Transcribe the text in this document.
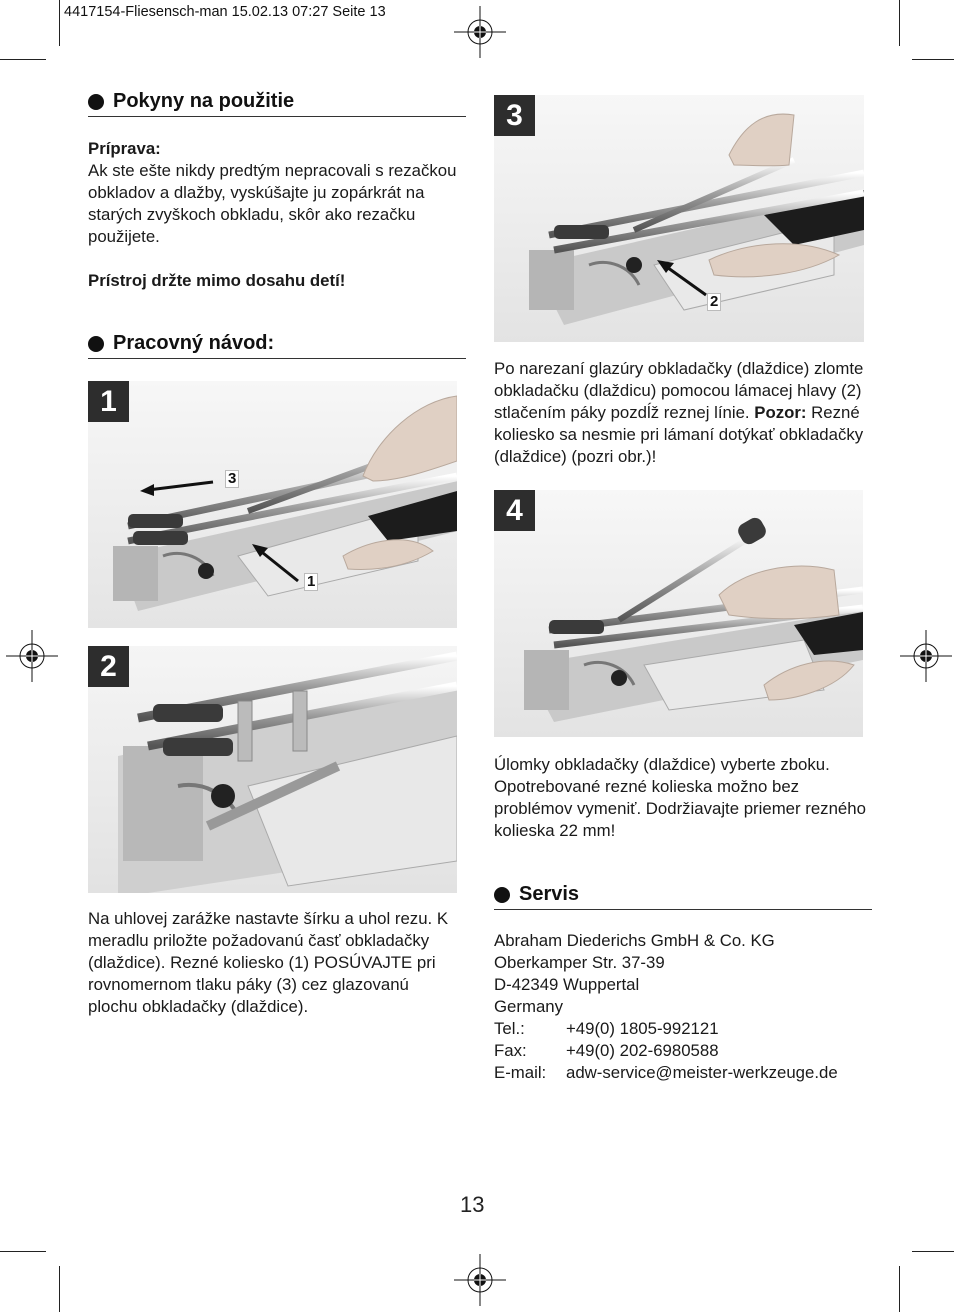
4417154-Fliesensch-man 15.02.13 07:27 Seite 13
Pokyny na použitie

Príprava:

Ak ste ešte nikdy predtým nepracovali s rezačkou obkladov a dlažby, vyskúšajte ju zopárkrát na starých zvyškoch obkladu, skôr ako rezačku použijete.

Prístroj držte mimo dosahu detí!

Pracovný návod:
1
3
1
2
Na uhlovej zarážke nastavte šírku a uhol rezu. K meradlu priložte požadovanú časť obkladačky (dlaždice). Rezné koliesko (1) POSÚVAJTE pri rovnomernom tlaku páky (3) cez glazovanú plochu obkladačky (dlaždice).
3
2

Po narezaní glazúry obkladačky (dlaždice) zlomte obkladačku (dlaždicu) pomocou lámacej hlavy (2) stlačením páky pozdĺž reznej línie. Pozor: Rezné koliesko sa nesmie pri lámaní dotýkať obkladačky (dlaždice) (pozri obr.)!

4
Úlomky obkladačky (dlaždice) vyberte zboku. Opotrebované rezné kolieska možno bez problémov vymeniť. Dodržiavajte priemer rezného kolieska 22 mm!
Servis

Abraham Diederichs GmbH & Co. KG

Oberkamper Str. 37-39

D-42349 Wuppertal

Germany

Tel.:	+49(0) 1805-992121
Fax:	+49(0) 202-6980588
E-mail:	adw-service@meister-werkzeuge.de
13
